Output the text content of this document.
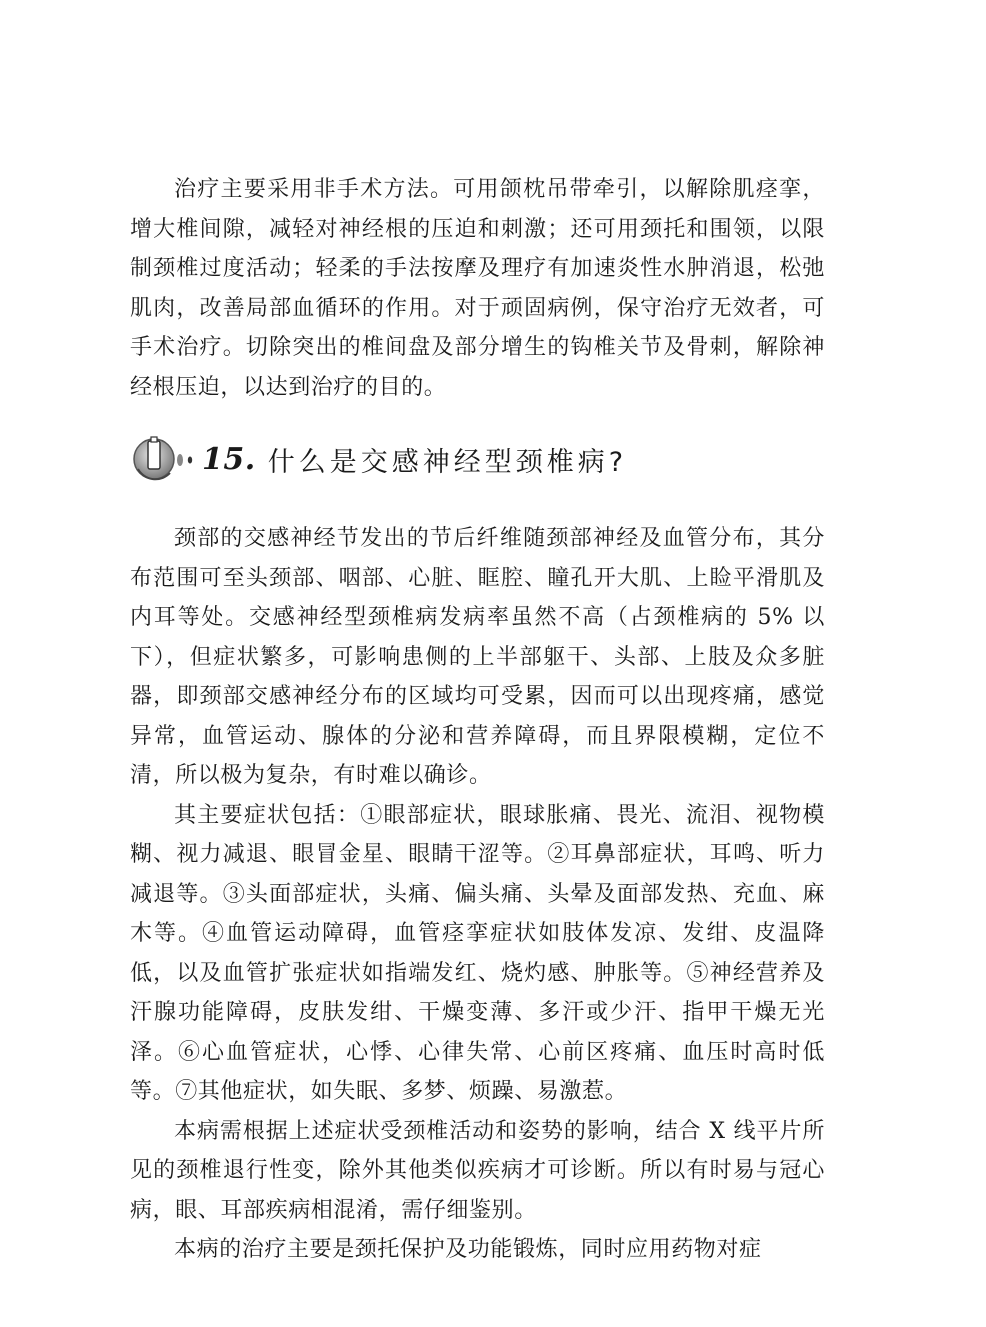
治疗主要采用非手术方法。可用颌枕吊带牵引，以解除肌痉挛，增大椎间隙，减轻对神经根的压迫和刺激；还可用颈托和围领，以限制颈椎过度活动；轻柔的手法按摩及理疗有加速炎性水肿消退，松弛肌肉，改善局部血循环的作用。对于顽固病例，保守治疗无效者，可手术治疗。切除突出的椎间盘及部分增生的钩椎关节及骨刺，解除神经根压迫，以达到治疗的目的。

15. 什么是交感神经型颈椎病?

颈部的交感神经节发出的节后纤维随颈部神经及血管分布，其分布范围可至头颈部、咽部、心脏、眶腔、瞳孔开大肌、上睑平滑肌及内耳等处。交感神经型颈椎病发病率虽然不高（占颈椎病的 5% 以下），但症状繁多，可影响患侧的上半部躯干、头部、上肢及众多脏器，即颈部交感神经分布的区域均可受累，因而可以出现疼痛，感觉异常，血管运动、腺体的分泌和营养障碍，而且界限模糊，定位不清，所以极为复杂，有时难以确诊。

其主要症状包括：①眼部症状，眼球胀痛、畏光、流泪、视物模糊、视力减退、眼冒金星、眼睛干涩等。②耳鼻部症状，耳鸣、听力减退等。③头面部症状，头痛、偏头痛、头晕及面部发热、充血、麻木等。④血管运动障碍，血管痉挛症状如肢体发凉、发绀、皮温降低，以及血管扩张症状如指端发红、烧灼感、肿胀等。⑤神经营养及汗腺功能障碍，皮肤发绀、干燥变薄、多汗或少汗、指甲干燥无光泽。⑥心血管症状，心悸、心律失常、心前区疼痛、血压时高时低等。⑦其他症状，如失眠、多梦、烦躁、易激惹。

本病需根据上述症状受颈椎活动和姿势的影响，结合 X 线平片所见的颈椎退行性变，除外其他类似疾病才可诊断。所以有时易与冠心病，眼、耳部疾病相混淆，需仔细鉴别。

本病的治疗主要是颈托保护及功能锻炼，同时应用药物对症
